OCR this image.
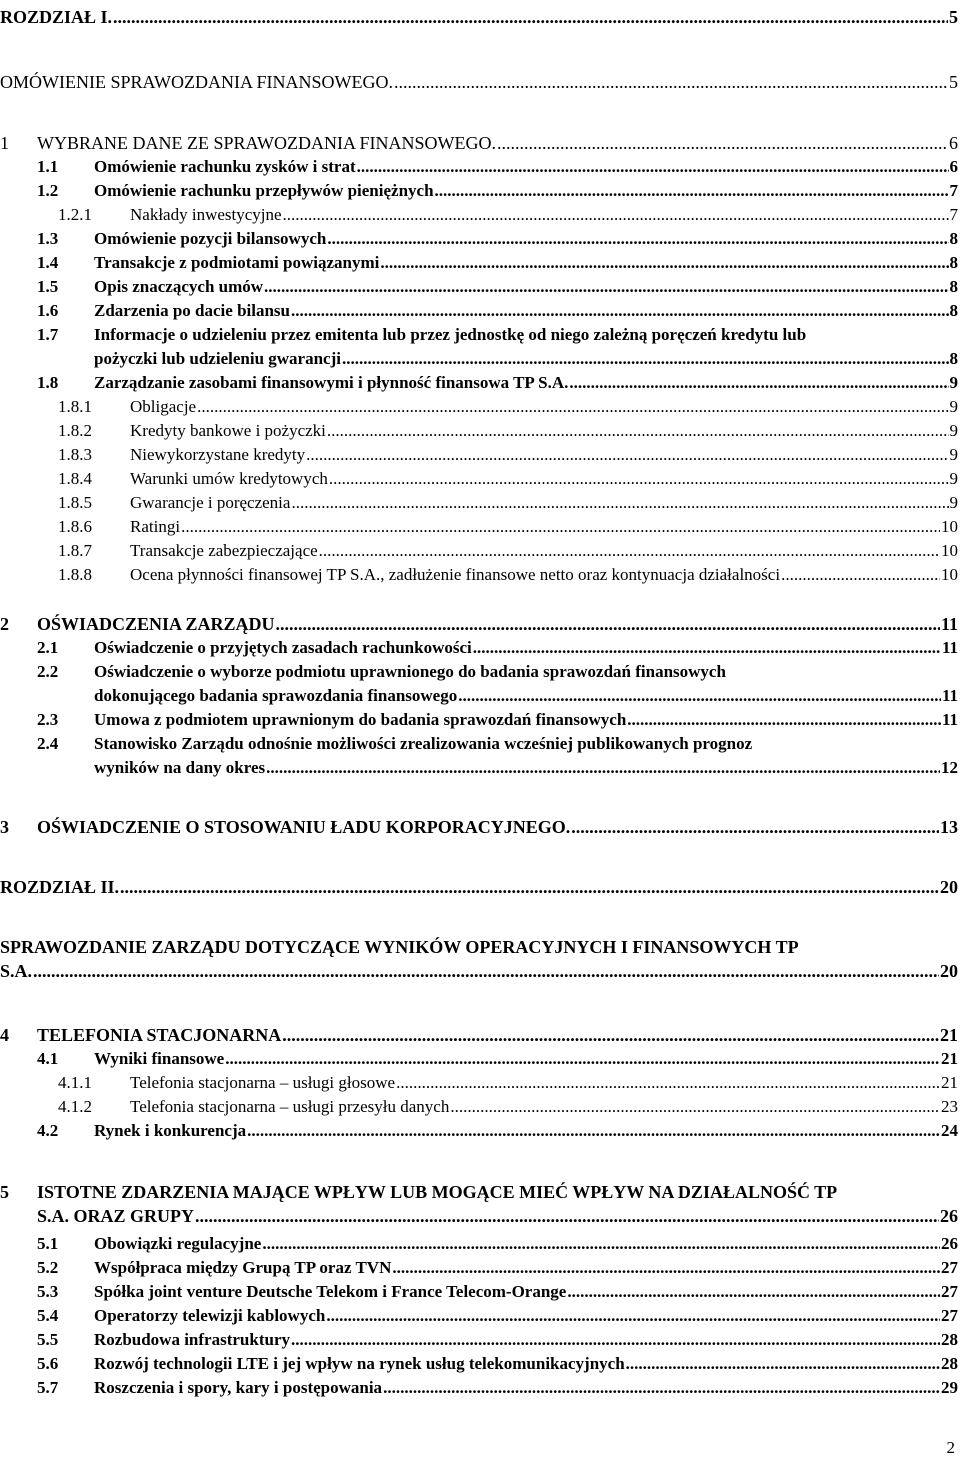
ROZDZIAŁ I. .....	5
OMÓWIENIE SPRAWOZDANIA FINANSOWEGO. .....	5
1 WYBRANE DANE ZE SPRAWOZDANIA FINANSOWEGO. .....	6
1.1 Omówienie rachunku zysków i strat .....	6
1.2 Omówienie rachunku przepływów pieniężnych .....	7
1.2.1 Nakłady inwestycyjne .....	7
1.3 Omówienie pozycji bilansowych .....	8
1.4 Transakcje z podmiotami powiązanymi .....	8
1.5 Opis znaczących umów .....	8
1.6 Zdarzenia po dacie bilansu .....	8
1.7 Informacje o udzieleniu przez emitenta lub przez jednostkę od niego zależną poręczeń kredytu lub
pożyczki lub udzieleniu gwarancji .....	8
1.8 Zarządzanie zasobami finansowymi i płynność finansowa TP S.A. .....	9
1.8.1 Obligacje .....	9
1.8.2 Kredyty bankowe i pożyczki .....	9
1.8.3 Niewykorzystane kredyty .....	9
1.8.4 Warunki umów kredytowych .....	9
1.8.5 Gwarancje i poręczenia .....	9
1.8.6 Ratingi .....	10
1.8.7 Transakcje zabezpieczające .....	10
1.8.8 Ocena płynności finansowej TP S.A., zadłużenie finansowe netto oraz kontynuacja działalności .....	10
2 OŚWIADCZENIA ZARZĄDU .....	11
2.1 Oświadczenie o przyjętych zasadach rachunkowości .....	11
2.2 Oświadczenie o wyborze podmiotu uprawnionego do badania sprawozdań finansowych
dokonującego badania sprawozdania finansowego .....	11
2.3 Umowa z podmiotem uprawnionym do badania sprawozdań finansowych .....	11
2.4 Stanowisko Zarządu odnośnie możliwości zrealizowania wcześniej publikowanych prognoz
wyników na dany okres .....	12
3 OŚWIADCZENIE O STOSOWANIU ŁADU KORPORACYJNEGO. .....	13
ROZDZIAŁ II. .....	20
SPRAWOZDANIE ZARZĄDU DOTYCZĄCE WYNIKÓW OPERACYJNYCH I FINANSOWYCH TP
S.A. .....	20
4 TELEFONIA STACJONARNA .....	21
4.1 Wyniki finansowe .....	21
4.1.1 Telefonia stacjonarna – usługi głosowe .....	21
4.1.2 Telefonia stacjonarna – usługi przesyłu danych .....	23
4.2 Rynek i konkurencja .....	24
5 ISTOTNE ZDARZENIA MAJĄCE WPŁYW LUB MOGĄCE MIEĆ WPŁYW NA DZIAŁALNOŚĆ TP
S.A. ORAZ GRUPY .....	26
5.1 Obowiązki regulacyjne .....	26
5.2 Współpraca między Grupą TP oraz TVN .....	27
5.3 Spółka joint venture Deutsche Telekom i France Telecom-Orange .....	27
5.4 Operatorzy telewizji kablowych .....	27
5.5 Rozbudowa infrastruktury .....	28
5.6 Rozwój technologii LTE i jej wpływ na rynek usług telekomunikacyjnych .....	28
5.7 Roszczenia i spory, kary i postępowania .....	29
2
